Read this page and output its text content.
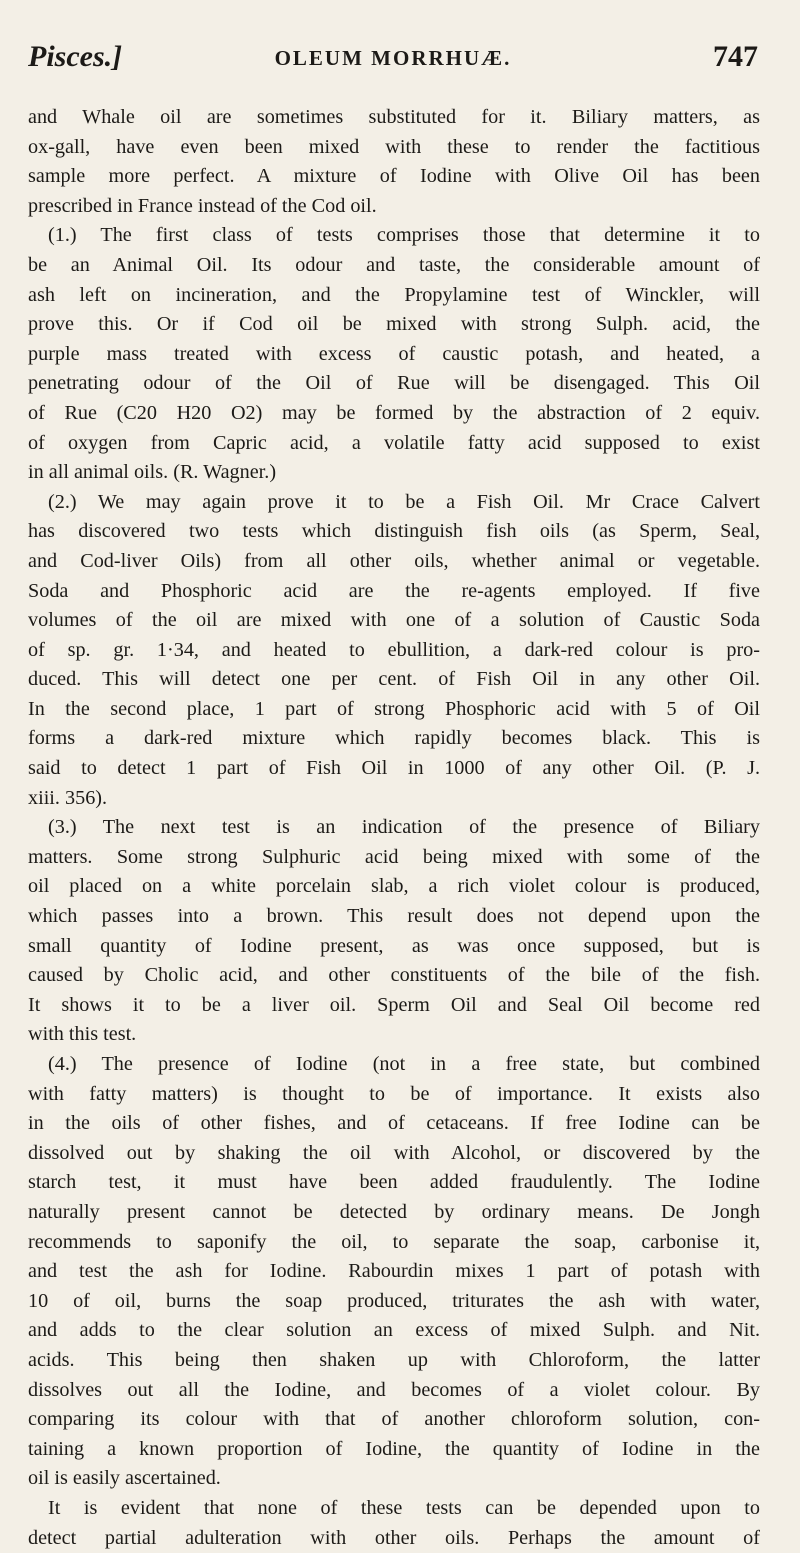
Pisces.]	OLEUM MORRHUÆ.	747

and Whale oil are sometimes substituted for it. Biliary matters, as

ox-gall, have even been mixed with these to render the factitious

sample more perfect. A mixture of Iodine with Olive Oil has been

prescribed in France instead of the Cod oil.

(1.) The first class of tests comprises those that determine it to

be an Animal Oil. Its odour and taste, the considerable amount of

ash left on incineration, and the Propylamine test of Winckler, will

prove this. Or if Cod oil be mixed with strong Sulph. acid, the

purple mass treated with excess of caustic potash, and heated, a

penetrating odour of the Oil of Rue will be disengaged. This Oil

of Rue (C20 H20 O2) may be formed by the abstraction of 2 equiv.

of oxygen from Capric acid, a volatile fatty acid supposed to exist

in all animal oils. (R. Wagner.)

(2.) We may again prove it to be a Fish Oil. Mr Crace Calvert

has discovered two tests which distinguish fish oils (as Sperm, Seal,

and Cod-liver Oils) from all other oils, whether animal or vegetable.

Soda and Phosphoric acid are the re-agents employed. If five

volumes of the oil are mixed with one of a solution of Caustic Soda

of sp. gr. 1·34, and heated to ebullition, a dark-red colour is pro-

duced. This will detect one per cent. of Fish Oil in any other Oil.

In the second place, 1 part of strong Phosphoric acid with 5 of Oil

forms a dark-red mixture which rapidly becomes black. This is

said to detect 1 part of Fish Oil in 1000 of any other Oil. (P. J.

xiii. 356).

(3.) The next test is an indication of the presence of Biliary

matters. Some strong Sulphuric acid being mixed with some of the

oil placed on a white porcelain slab, a rich violet colour is produced,

which passes into a brown. This result does not depend upon the

small quantity of Iodine present, as was once supposed, but is

caused by Cholic acid, and other constituents of the bile of the fish.

It shows it to be a liver oil. Sperm Oil and Seal Oil become red

with this test.

(4.) The presence of Iodine (not in a free state, but combined

with fatty matters) is thought to be of importance. It exists also

in the oils of other fishes, and of cetaceans. If free Iodine can be

dissolved out by shaking the oil with Alcohol, or discovered by the

starch test, it must have been added fraudulently. The Iodine

naturally present cannot be detected by ordinary means. De Jongh

recommends to saponify the oil, to separate the soap, carbonise it,

and test the ash for Iodine. Rabourdin mixes 1 part of potash with

10 of oil, burns the soap produced, triturates the ash with water,

and adds to the clear solution an excess of mixed Sulph. and Nit.

acids. This being then shaken up with Chloroform, the latter

dissolves out all the Iodine, and becomes of a violet colour. By

comparing its colour with that of another chloroform solution, con-

taining a known proportion of Iodine, the quantity of Iodine in the

oil is easily ascertained.

It is evident that none of these tests can be depended upon to

detect partial adulteration with other oils. Perhaps the amount of
